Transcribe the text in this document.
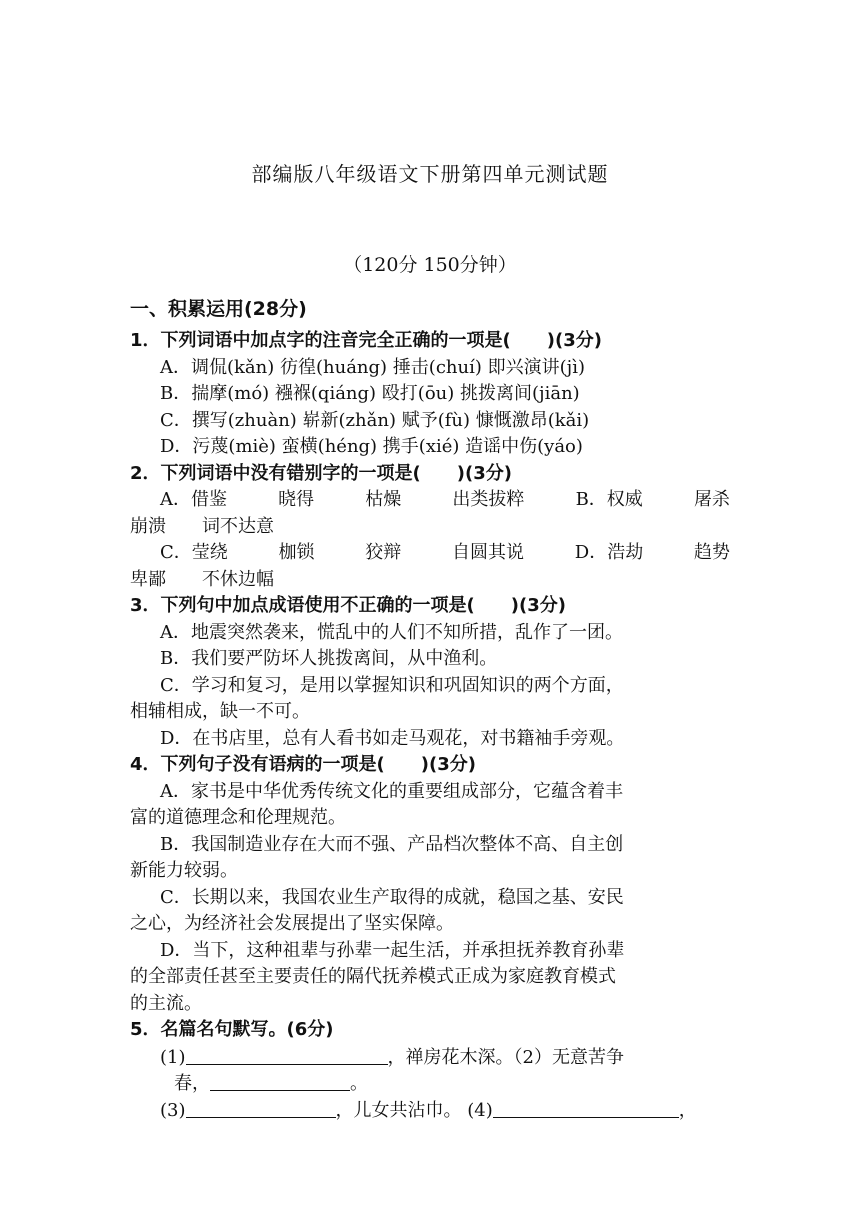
部编版八年级语文下册第四单元测试题
（120分 150分钟）
一、积累运用(28分)
1．下列词语中加点字的注音完全正确的一项是(　　)(3分)
A．调侃(kǎn) 彷徨(huáng) 捶击(chuí) 即兴演讲(jì)
B．揣摩(mó) 襁褓(qiáng) 殴打(ōu) 挑拨离间(jiān)
C．撰写(zhuàn) 崭新(zhǎn) 赋予(fù) 慷慨激昂(kǎi)
D．污蔑(miè) 蛮横(héng) 携手(xié) 造谣中伤(yáo)
2．下列词语中没有错别字的一项是(　　)(3分)
A．借鉴	晓得	枯燥	出类拔粹	B．权威	屠杀
崩溃　　词不达意
C．莹绕	枷锁	狡辩	自圆其说	D．浩劫	趋势
卑鄙　　不休边幅
3．下列句中加点成语使用不正确的一项是(　　)(3分)
A．地震突然袭来，慌乱中的人们不知所措，乱作了一团。
B．我们要严防坏人挑拨离间，从中渔利。
C．学习和复习，是用以掌握知识和巩固知识的两个方面，
相辅相成，缺一不可。
D．在书店里，总有人看书如走马观花，对书籍袖手旁观。
4．下列句子没有语病的一项是(　　)(3分)
A．家书是中华优秀传统文化的重要组成部分，它蕴含着丰
富的道德理念和伦理规范。
B．我国制造业存在大而不强、产品档次整体不高、自主创
新能力较弱。
C．长期以来，我国农业生产取得的成就，稳国之基、安民
之心，为经济社会发展提出了坚实保障。
D．当下，这种祖辈与孙辈一起生活，并承担抚养教育孙辈
的全部责任甚至主要责任的隔代抚养模式正成为家庭教育模式
的主流。
5．名篇名句默写。(6分)
(1)	，禅房花木深。（2）无意苦争
春，	。
(3)	，儿女共沾巾。 (4)	，
